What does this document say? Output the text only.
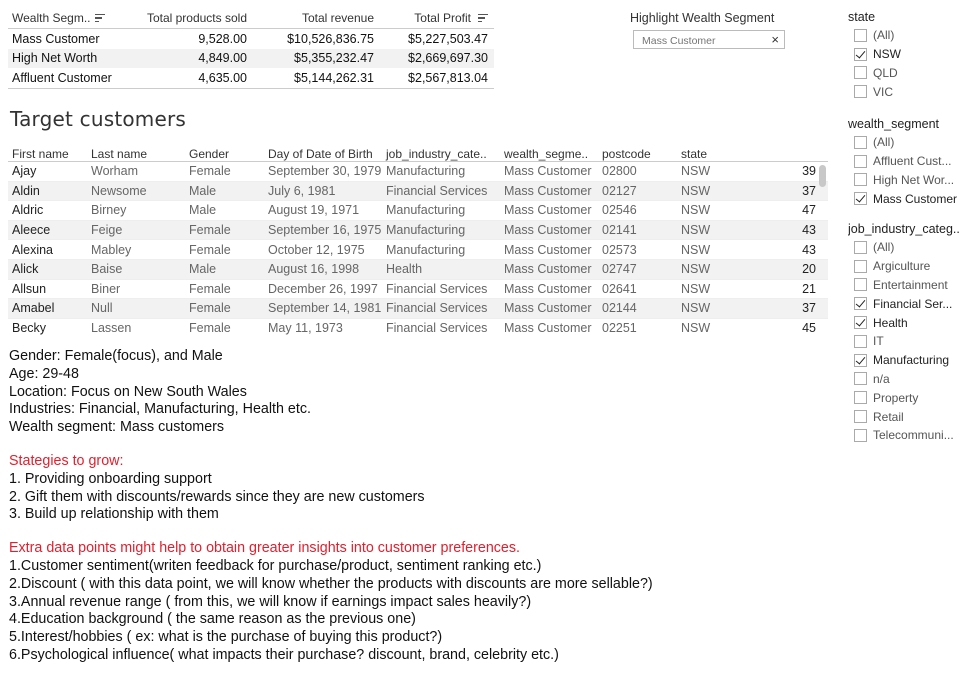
Wealth Segm..	Total products sold	Total revenue	Total Profit
Mass Customer	9,528.00	$10,526,836.75	$5,227,503.47
High Net Worth	4,849.00	$5,355,232.47	$2,669,697.30
Affluent Customer	4,635.00	$5,144,262.31	$2,567,813.04
Highlight Wealth Segment
Mass Customer
×
Target customers
First name	Last name	Gender	Day of Date of Birth	job_industry_cate..	wealth_segme..	postcode	state
Ajay	Worham	Female	September 30, 1979 Manufacturing	Mass Customer 02800	NSW	39
Aldin	Newsome	Male	July 6, 1981	Financial Services	Mass Customer 02127	NSW	37
Aldric	Birney	Male	August 19, 1971	Manufacturing	Mass Customer 02546	NSW	47
Aleece	Feige	Female	September 16, 1975 Manufacturing	Mass Customer 02141	NSW	43
Alexina	Mabley	Female	October 12, 1975	Manufacturing	Mass Customer 02573	NSW	43
Alick	Baise	Male	August 16, 1998	Health	Mass Customer 02747	NSW	20
Allsun	Biner	Female	December 26, 1997 Financial Services	Mass Customer 02641	NSW	21
Amabel	Null	Female	September 14, 1981 Financial Services	Mass Customer 02144	NSW	37
Becky	Lassen	Female	May 11, 1973	Financial Services	Mass Customer 02251	NSW	45
Gender: Female(focus), and Male
Age: 29-48
Location: Focus on New South Wales
Industries: Financial, Manufacturing, Health etc.
Wealth segment: Mass customers
Stategies to grow:
1. Providing onboarding support
2. Gift them with discounts/rewards since they are new customers
3. Build up relationship with them
Extra data points might help to obtain greater insights into customer preferences.
1.Customer sentiment(writen feedback for purchase/product, sentiment ranking etc.)
2.Discount ( with this data point, we will know whether the products with discounts are more sellable?)
3.Annual revenue range ( from this, we will know if earnings impact sales heavily?)
4.Education background ( the same reason as the previous one)
5.Interest/hobbies ( ex: what is the purchase of buying this product?)
6.Psychological influence( what impacts their purchase? discount, brand, celebrity etc.)
state
(All)
NSW
QLD
VIC
wealth_segment
(All)
Affluent Cust...
High Net Wor...
Mass Customer
job_industry_categ..
(All)
Argiculture
Entertainment
Financial Ser...
Health
IT
Manufacturing
n/a
Property
Retail
Telecommuni...
